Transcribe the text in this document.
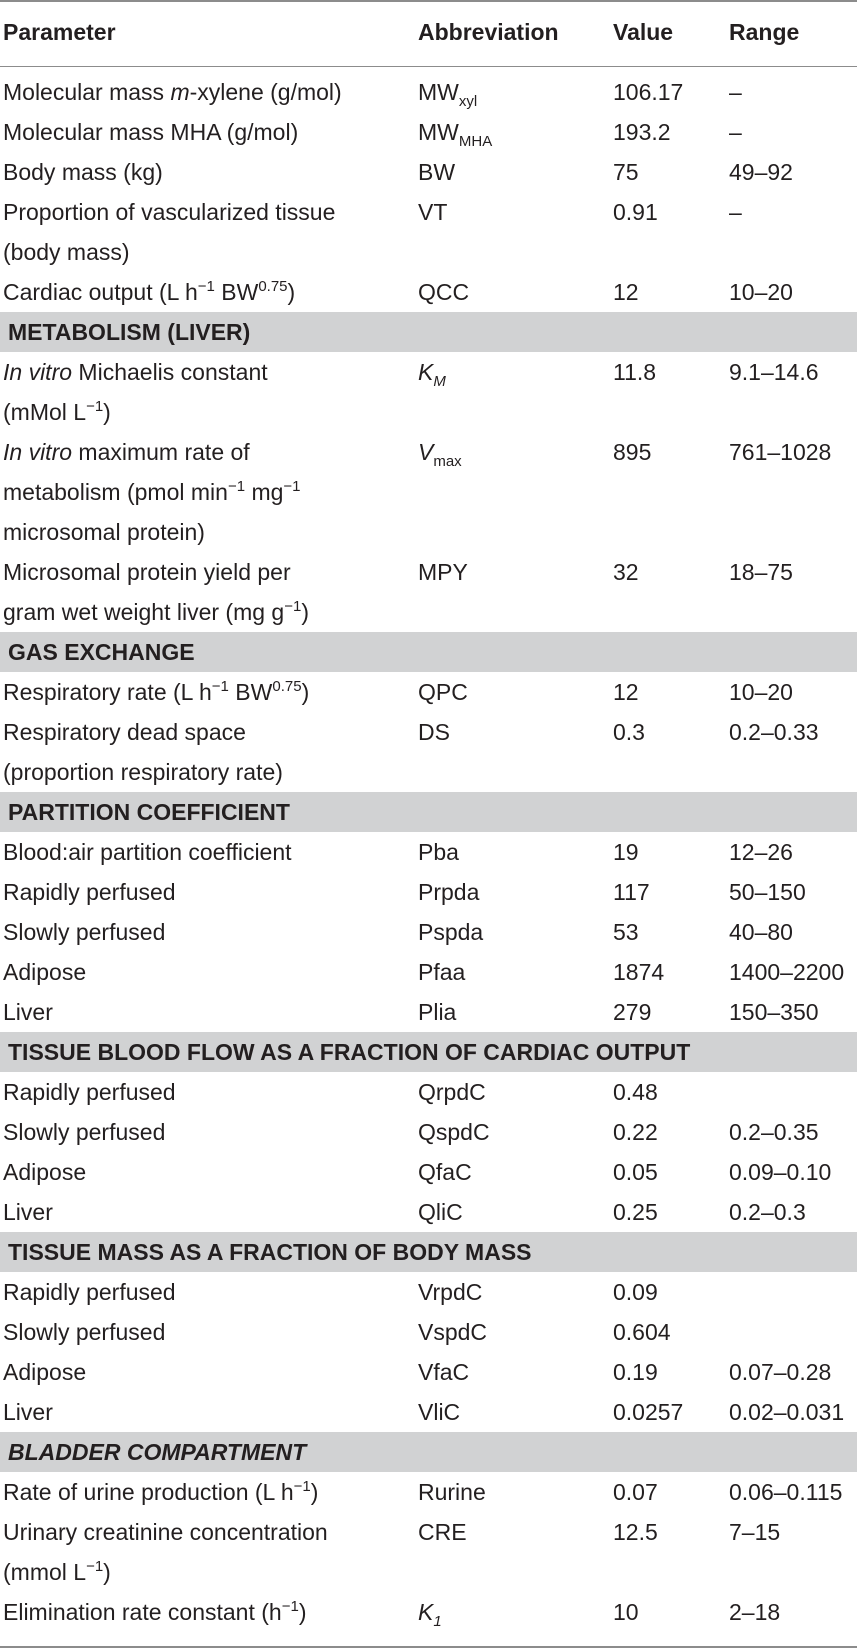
Parameter	Abbreviation Value Range
Molecular mass m-xylene (g/mol)	$MW_{xyl}$	106.17 –
Molecular mass MHA (g/mol)	$MW_{MHA}$	193.2	–
Body mass (kg)	BW	75	49–92
Proportion of vascularized tissue
(body mass)
VT	0.91	–
Cardiac output (L $h^{-1}$ $BW^{0.75}$)	QCC	12	10–20
METABOLISM (LIVER)
In vitro Michaelis constant
(mMol $L^{-1}$)
$K_M$	11.8	9.1–14.6
In vitro maximum rate of
metabolism (pmol $\min^{-1} mg^{-1}$
microsomal protein)
$V_{max}$	895	761–1028
Microsomal protein yield per
gram wet weight liver (mg $g^{-1}$)
MPY	32	18–75
GAS EXCHANGE
Respiratory rate (L $h^{-1}$ $BW^{0.75}$)	QPC	12	10–20
Respiratory dead space
(proportion respiratory rate)
DS	0.3	0.2–0.33
PARTITION COEFFICIENT
Blood:air partition coefficient	Pba	19	12–26
Rapidly perfused	Prpda	117	50–150
Slowly perfused	Pspda	53	40–80
Adipose	Pfaa	1874	1400–2200
Liver	Plia	279	150–350
TISSUE BLOOD FLOW AS A FRACTION OF CARDIAC OUTPUT
Rapidly perfused	QrpdC	0.48
Slowly perfused	QspdC	0.22	0.2–0.35
Adipose	QfaC	0.05	0.09–0.10
Liver	QliC	0.25	0.2–0.3
TISSUE MASS AS A FRACTION OF BODY MASS
Rapidly perfused	VrpdC	0.09
Slowly perfused	VspdC	0.604
Adipose	VfaC	0.19	0.07–0.28
Liver	VliC	0.0257 0.02–0.031
BLADDER COMPARTMENT
Rate of urine production (L $h^{-1}$)	Rurine	0.07	0.06–0.115
Urinary creatinine concentration
(mmol $L^{-1}$)
CRE	12.5	7–15
Elimination rate constant $(h^{-1})$	$K_1$	10	2–18
